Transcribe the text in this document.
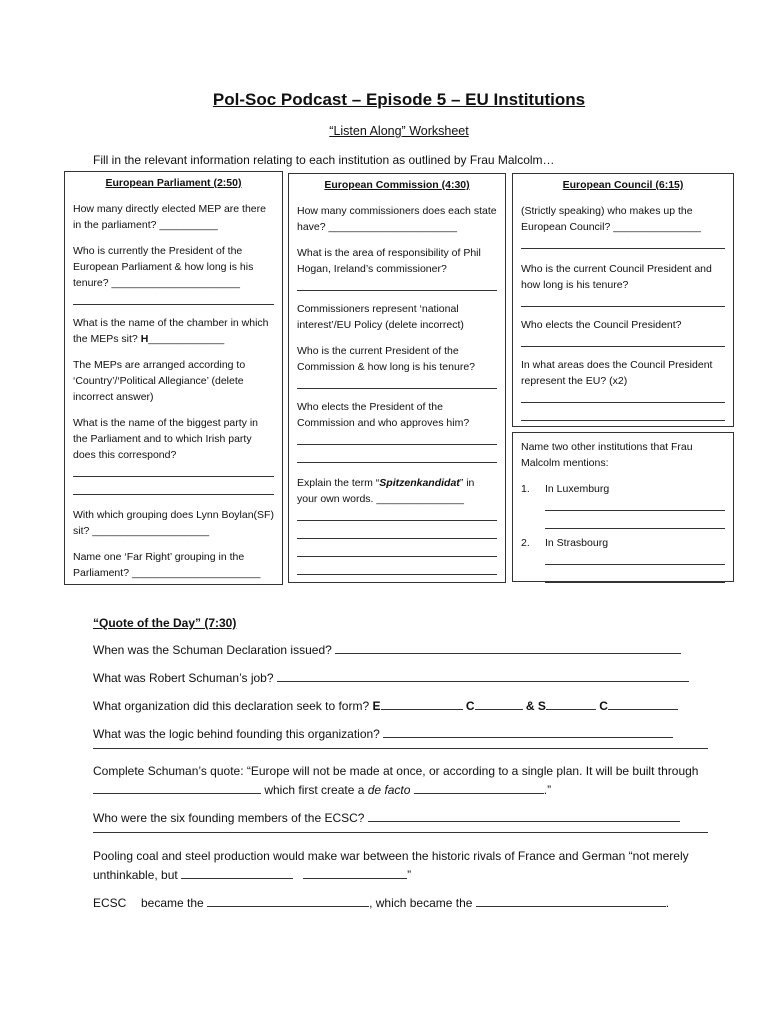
Pol-Soc Podcast – Episode 5 – EU Institutions
“Listen Along” Worksheet
Fill in the relevant information relating to each institution as outlined by Frau Malcolm…
European Parliament (2:50)
How many directly elected MEP are there in the parliament? __________
Who is currently the President of the European Parliament & how long is his tenure? ______________________
What is the name of the chamber in which the MEPs sit? H_____________
The MEPs are arranged according to ‘Country’/‘Political Allegiance’ (delete incorrect answer)
What is the name of the biggest party in the Parliament and to which Irish party does this correspond?
With which grouping does Lynn Boylan(SF) sit? ____________________
Name one ‘Far Right’ grouping in the Parliament? ______________________
European Commission (4:30)
How many commissioners does each state have? ______________________
What is the area of responsibility of Phil Hogan, Ireland’s commissioner?
Commissioners represent ‘national interest’/EU Policy (delete incorrect)
Who is the current President of the Commission & how long is his tenure?
Who elects the President of the Commission and who approves him?
Explain the term “Spitzenkandidat” in your own words. _______________
European Council (6:15)
(Strictly speaking) who makes up the European Council? _______________
Who is the current Council President and how long is his tenure?
Who elects the Council President?
In what areas does the Council President represent the EU? (x2)
Name two other institutions that Frau Malcolm mentions:
1. In Luxemburg
2. In Strasbourg
“Quote of the Day” (7:30)
When was the Schuman Declaration issued?
What was Robert Schuman’s job?
What organization did this declaration seek to form? E	C	& S	C
What was the logic behind founding this organization?
Complete Schuman’s quote: “Europe will not be made at once, or according to a single plan. It will be built through  which first create a de facto	.”
Who were the six founding members of the ECSC?
Pooling coal and steel production would make war between the historic rivals of France and German “not merely unthinkable, but	”
ECSC became the	, which became the	.
